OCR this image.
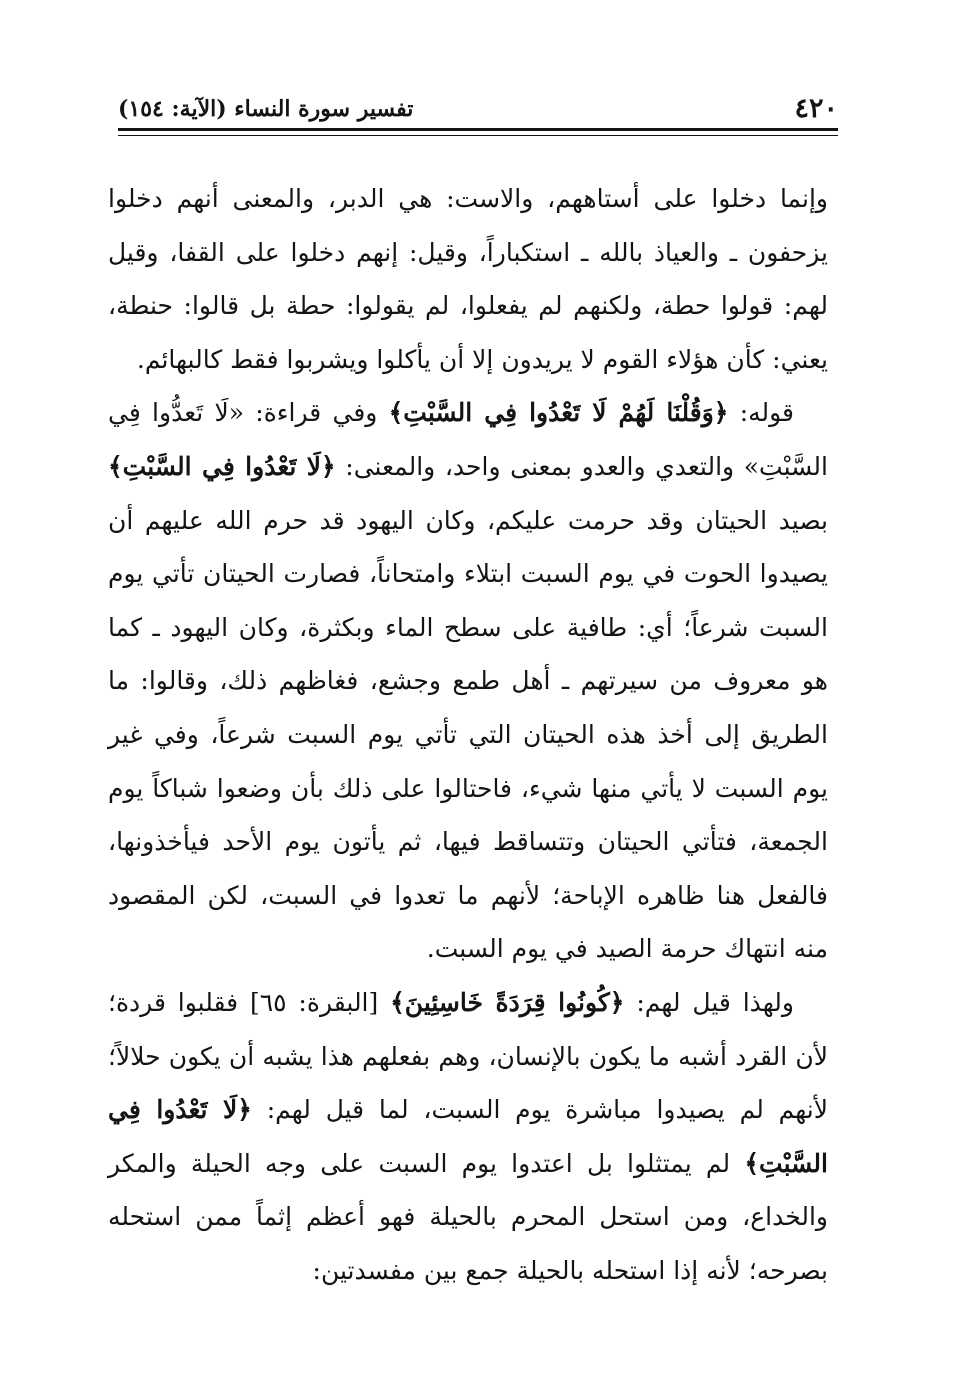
٤٢٠
تفسير سورة النساء (الآية: ١٥٤)

وإنما دخلوا على أستاههم، والاست: هي الدبر، والمعنى أنهم دخلوا يزحفون ـ والعياذ بالله ـ استكباراً، وقيل: إنهم دخلوا على القفا، وقيل لهم: قولوا حطة، ولكنهم لم يفعلوا، لم يقولوا: حطة بل قالوا: حنطة، يعني: كأن هؤلاء القوم لا يريدون إلا أن يأكلوا ويشربوا فقط كالبهائم.

قوله: ﴿وَقُلْنَا لَهُمْ لَا تَعْدُوا فِي السَّبْتِ﴾ وفي قراءة: «لَا تَعدُّوا فِي السَّبْتِ» والتعدي والعدو بمعنى واحد، والمعنى: ﴿لَا تَعْدُوا فِي السَّبْتِ﴾ بصيد الحيتان وقد حرمت عليكم، وكان اليهود قد حرم الله عليهم أن يصيدوا الحوت في يوم السبت ابتلاء وامتحاناً، فصارت الحيتان تأتي يوم السبت شرعاً؛ أي: طافية على سطح الماء وبكثرة، وكان اليهود ـ كما هو معروف من سيرتهم ـ أهل طمع وجشع، فغاظهم ذلك، وقالوا: ما الطريق إلى أخذ هذه الحيتان التي تأتي يوم السبت شرعاً، وفي غير يوم السبت لا يأتي منها شيء، فاحتالوا على ذلك بأن وضعوا شباكاً يوم الجمعة، فتأتي الحيتان وتتساقط فيها، ثم يأتون يوم الأحد فيأخذونها، فالفعل هنا ظاهره الإباحة؛ لأنهم ما تعدوا في السبت، لكن المقصود منه انتهاك حرمة الصيد في يوم السبت.

ولهذا قيل لهم: ﴿كُونُوا قِرَدَةً خَاسِئِينَ﴾ [البقرة: ٦٥] فقلبوا قردة؛ لأن القرد أشبه ما يكون بالإنسان، وهم بفعلهم هذا يشبه أن يكون حلالاً؛ لأنهم لم يصيدوا مباشرة يوم السبت، لما قيل لهم: ﴿لَا تَعْدُوا فِي السَّبْتِ﴾ لم يمتثلوا بل اعتدوا يوم السبت على وجه الحيلة والمكر والخداع، ومن استحل المحرم بالحيلة فهو أعظم إثماً ممن استحله بصرحه؛ لأنه إذا استحله بالحيلة جمع بين مفسدتين:
